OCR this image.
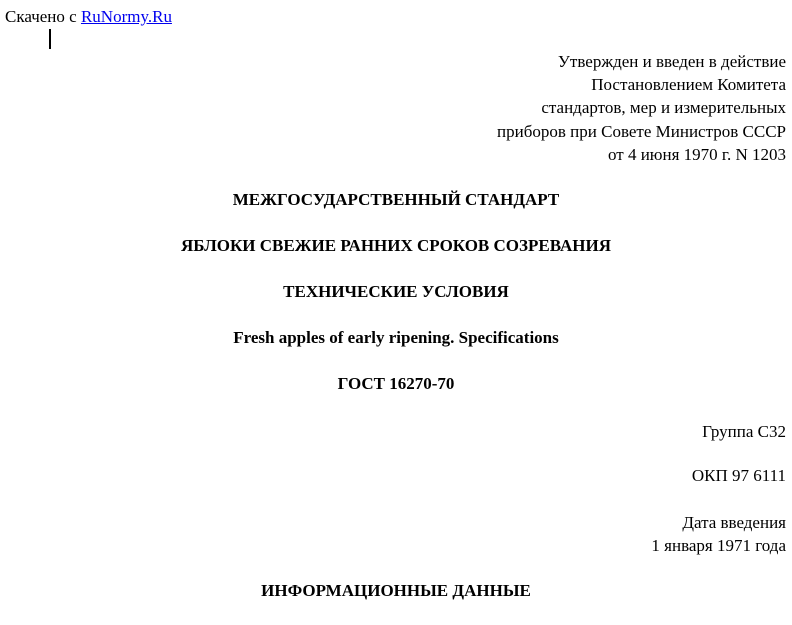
Скачено с RuNormy.Ru
Утвержден и введен в действие
Постановлением Комитета
стандартов, мер и измерительных
приборов при Совете Министров СССР
от 4 июня 1970 г. N 1203
МЕЖГОСУДАРСТВЕННЫЙ СТАНДАРТ
ЯБЛОКИ СВЕЖИЕ РАННИХ СРОКОВ СОЗРЕВАНИЯ
ТЕХНИЧЕСКИЕ УСЛОВИЯ
Fresh apples of early ripening. Specifications
ГОСТ 16270-70
Группа С32
ОКП 97 6111
Дата введения
1 января 1971 года
ИНФОРМАЦИОННЫЕ ДАННЫЕ
